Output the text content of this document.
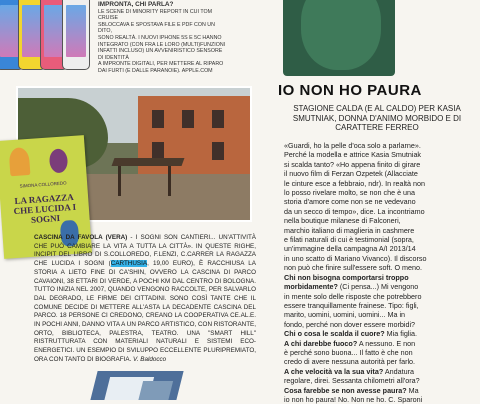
IMPRONTA, CHI PARLA?
LE SCENE DI MINORITY REPORT IN CUI TOM CRUISE
SBLOCCAVA E SPOSTAVA FILE E PDF CON UN DITO,
SONO REALTÀ. I NUOVI IPHONE 5S E 5C HANNO
INTEGRATO (CON FRA LE LORO (MULTI)FUNZIONI
INFATTI INCLUSO) UN AVVENIRISTICO SENSORE DI IDENTITÀ
A IMPRONTE DIGITALI, PER METTERE AL RIPARO
DAI FURTI (E DALLE PARANOIE). APPLE.COM
IO NON HO PAURA
STAGIONE CALDA (E AL CALDO) PER KASIA SMUTNIAK, DONNA D'ANIMO MORBIDO E DI CARATTERE FERREO

«Guardi, ho la pelle d'oca solo a parlarne».

Perché la modella e attrice Kasia Smutniak

si scalda tanto? «Ho appena finito di girare

il nuovo film di Ferzan Ozpetek (Allacciate

le cinture esce a febbraio, ndr). In realtà non

lo posso rivelare molto, se non che è una

storia d'amore come non se ne vedevano

da un secco di tempo», dice. La incontriamo

nella boutique milanese di Falconeri,

marchio italiano di maglieria in cashmere

e filati naturali di cui è testimonial (sopra,

un'immagine della campagna A/I 2013/14

in uno scatto di Mariano Vivanco). Il discorso

non può che finire sull'essere soft. O meno.

Chi non bisogna comportarsi troppo

morbidamente? (Ci pensa...) Mi vengono

in mente solo delle risposte che potrebbero

essere tranquillamente frainese. Tipo: figli,

marito, uomini, uomini, uomini... Ma in

fondo, perché non dover essere morbidi?

Chi o cosa le scalda il cuore? Mia figlia.

A chi darebbe fuoco? A nessuno. E non

è perché sono buona... Il fatto è che non

credo di avere nessuna autorità per farlo.

A che velocità va la sua vita? Andatura

regolare, direi. Sessanta chilometri all'ora?

Cosa farebbe se non avesse paura? Ma

io non ho paura! No. Non ne ho. C. Sparoni

SIMONA COLLOREDO
LA RAGAZZA CHE LUCIDA I SOGNI
CASCINA DA FAVOLA (VERA) - I SOGNI SON CANTIERI... UN'ATTIVITÀ CHE PUÒ CAMBIARE LA VITA A TUTTA LA CITTÀ». IN QUESTE RIGHE, INCIPIT DEL LIBRO DI S.COLLOREDO, F.LENZI, C.CARRER LA RAGAZZA CHE LUCIDA I SOGNI (CARTHUSIA, 19,00 EURO), È RACCHIUSA LA STORIA A LIETO FINE DI CA'SHIN, OVVERO LA CASCINA DI PARCO CAVAIONI, 38 ETTARI DI VERDE, A POCHI KM DAL CENTRO DI BOLOGNA. TUTTO INIZIA NEL 2007, QUANDO VENGONO RACCOLTE, PER SALVARLO DAL DEGRADO, LE FIRME DEI CITTADINI. SONO COSÌ TANTE CHE IL COMUNE DECIDE DI METTERE ALL'ASTA LA DECADENTE CASCINA DEL PARCO. 18 PERSONE CI CREDONO, CREANO LA COOPERATIVA CE.AL.E. IN POCHI ANNI, DANNO VITA A UN PARCO ARTISTICO, CON RISTORANTE, ORTO, BIBLIOTECA, PALESTRA, TEATRO. UNA "SMART HILL" RISTRUTTURATA CON MATERIALI NATURALI E SISTEMI ECO-ENERGETICI. UN ESEMPIO DI SVILUPPO ECCELLENTE PLURIPREMIATO, ORA CON TANTO DI BIOGRAFIA. V. Baldocco
